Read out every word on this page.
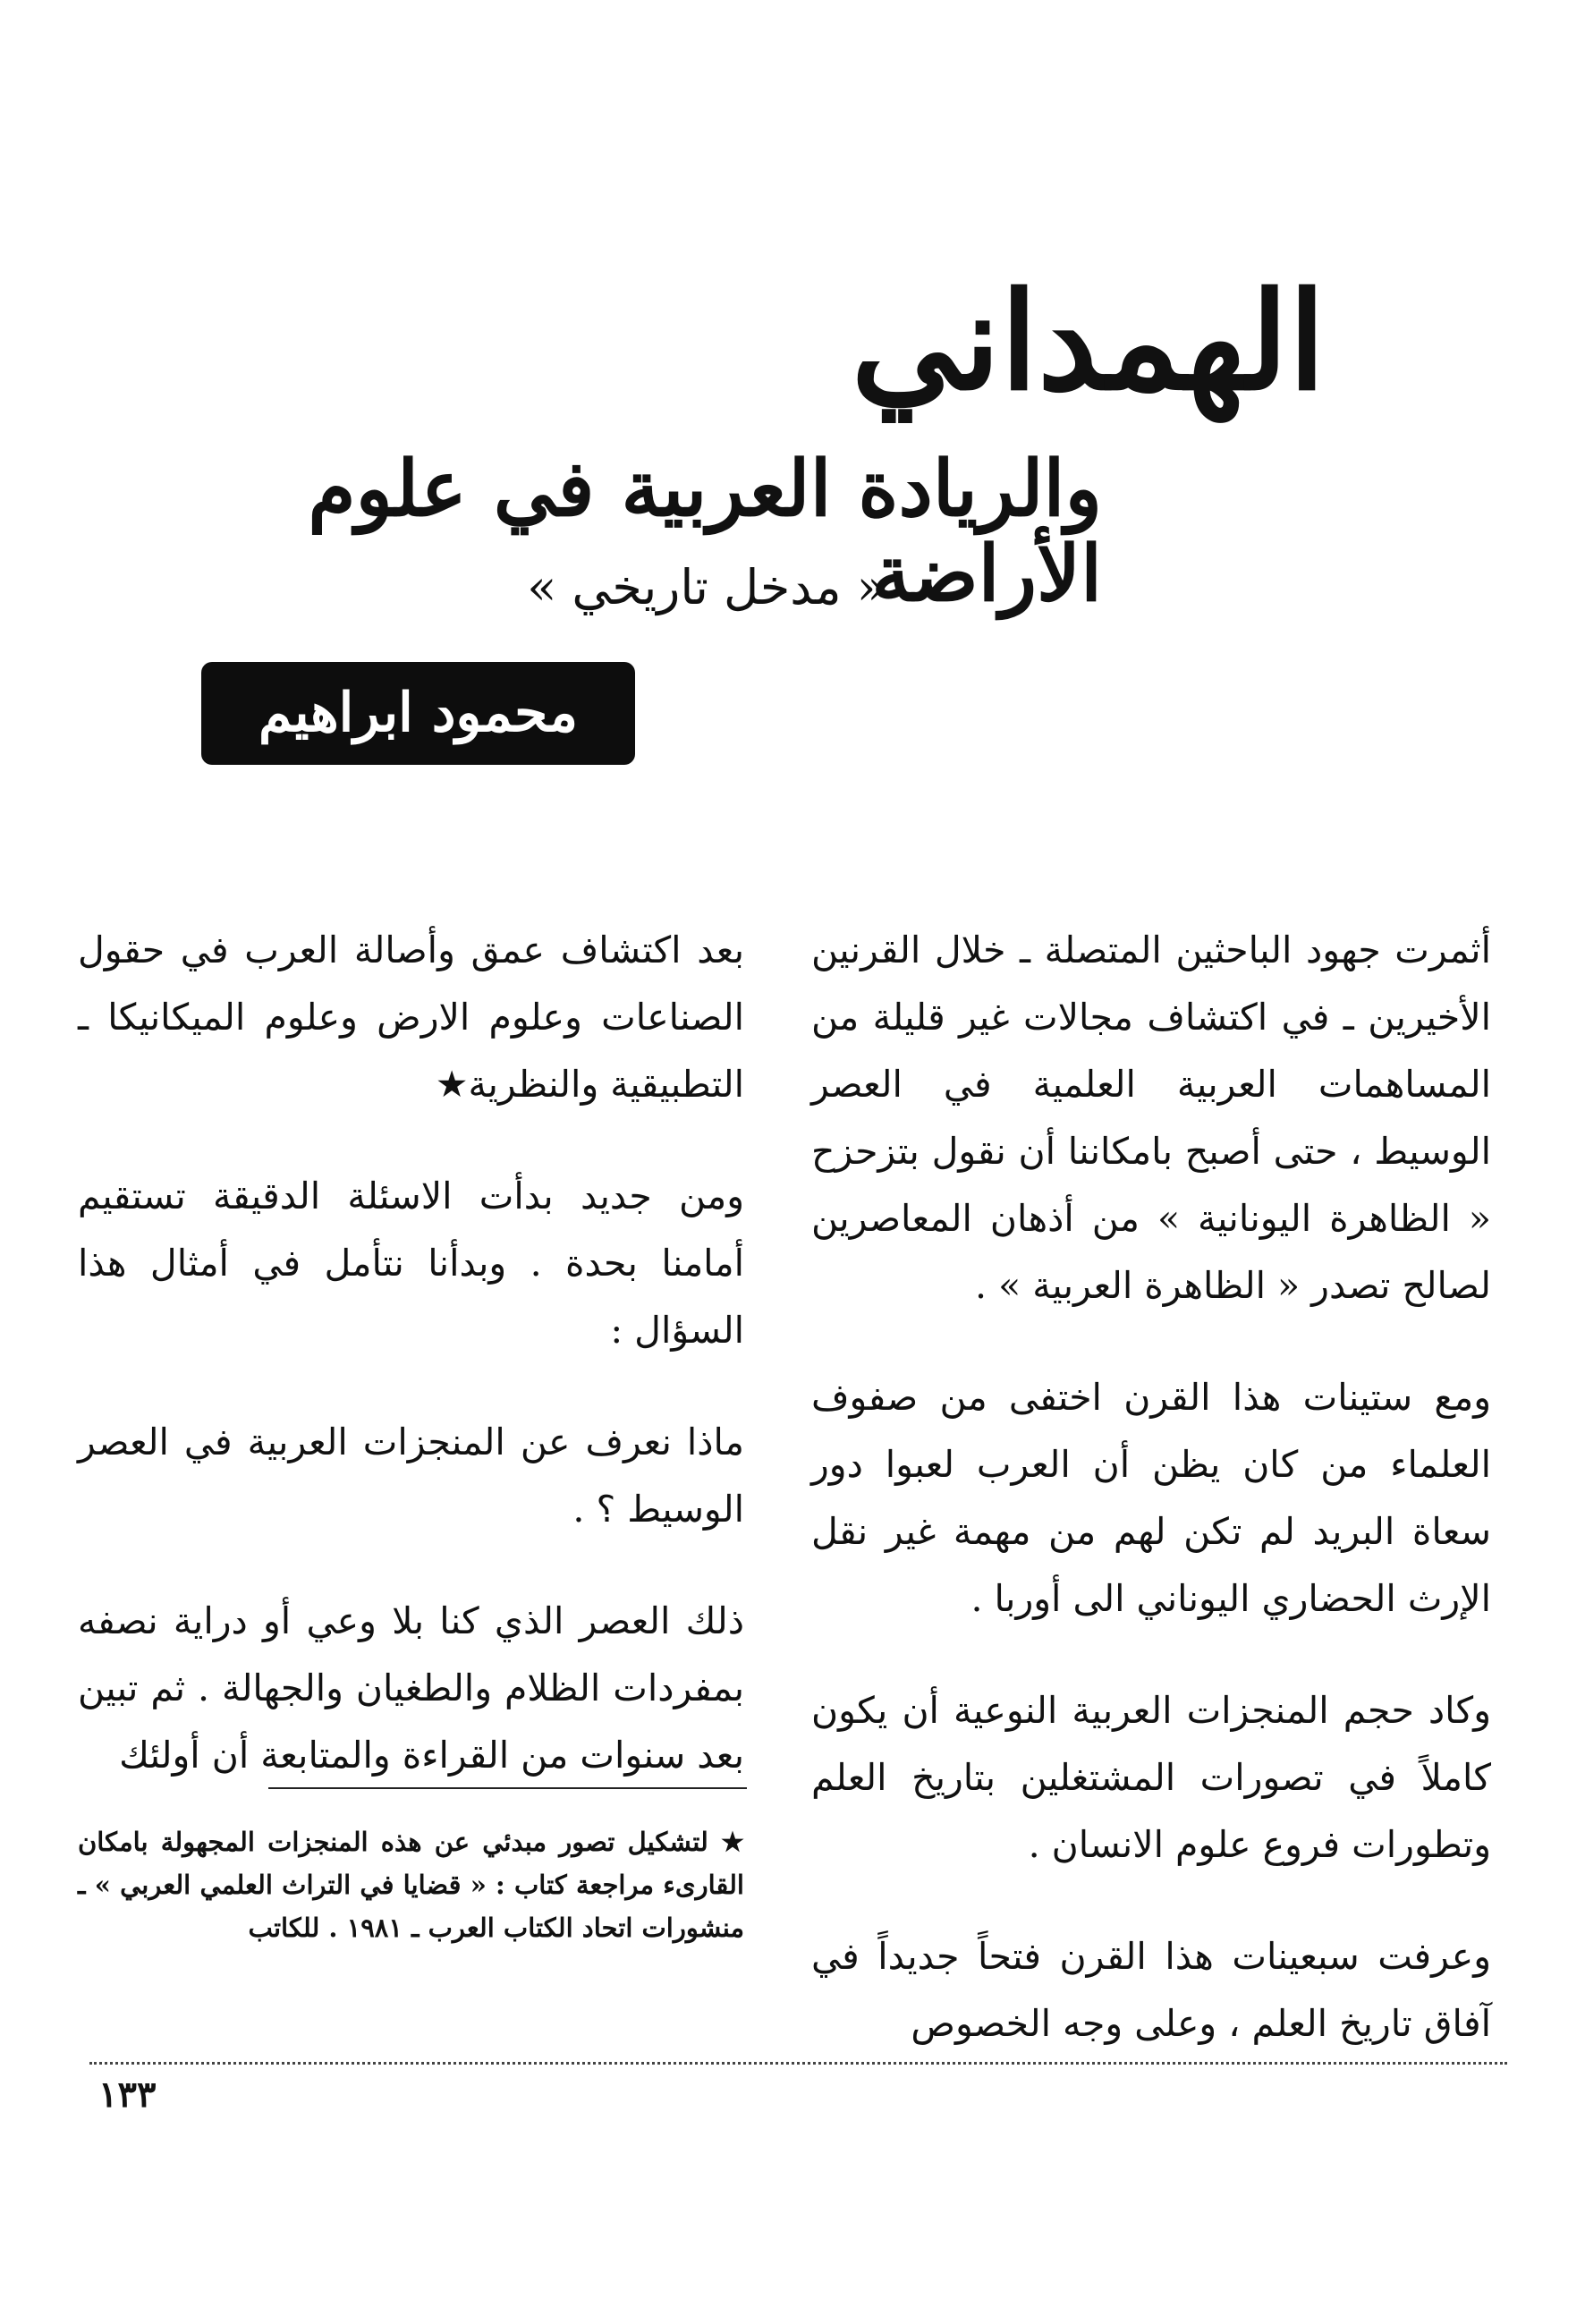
الهمداني
والريادة العربية في علوم الأراضة
« مدخل تاريخي »
محمود ابراهيم الصغيري

أثمرت جهود الباحثين المتصلة ـ خلال القرنين الأخيرين ـ في اكتشاف مجالات غير قليلة من المساهمات العربية العلمية في العصر الوسيط ، حتى أصبح بامكاننا أن نقول بتزحزح « الظاهرة اليونانية » من أذهان المعاصرين لصالح تصدر « الظاهرة العربية » .

ومع ستينات هذا القرن اختفى من صفوف العلماء من كان يظن أن العرب لعبوا دور سعاة البريد لم تكن لهم من مهمة غير نقل الإرث الحضاري اليوناني الى أوربا .

وكاد حجم المنجزات العربية النوعية أن يكون كاملاً في تصورات المشتغلين بتاريخ العلم وتطورات فروع علوم الانسان .

وعرفت سبعينات هذا القرن فتحاً جديداً في آفاق تاريخ العلم ، وعلى وجه الخصوص

بعد اكتشاف عمق وأصالة العرب في حقول الصناعات وعلوم الارض وعلوم الميكانيكا ـ التطبيقية والنظرية★

ومن جديد بدأت الاسئلة الدقيقة تستقيم أمامنا بحدة . وبدأنا نتأمل في أمثال هذا السؤال :

ماذا نعرف عن المنجزات العربية في العصر الوسيط ؟ .

ذلك العصر الذي كنا بلا وعي أو دراية نصفه بمفردات الظلام والطغيان والجهالة . ثم تبين بعد سنوات من القراءة والمتابعة أن أولئك

★ لتشكيل تصور مبدئي عن هذه المنجزات المجهولة بامكان القارىء مراجعة كتاب : « قضايا في التراث العلمي العربي » ـ منشورات اتحاد الكتاب العرب ـ ١٩٨١ . للكاتب
١٣٣
